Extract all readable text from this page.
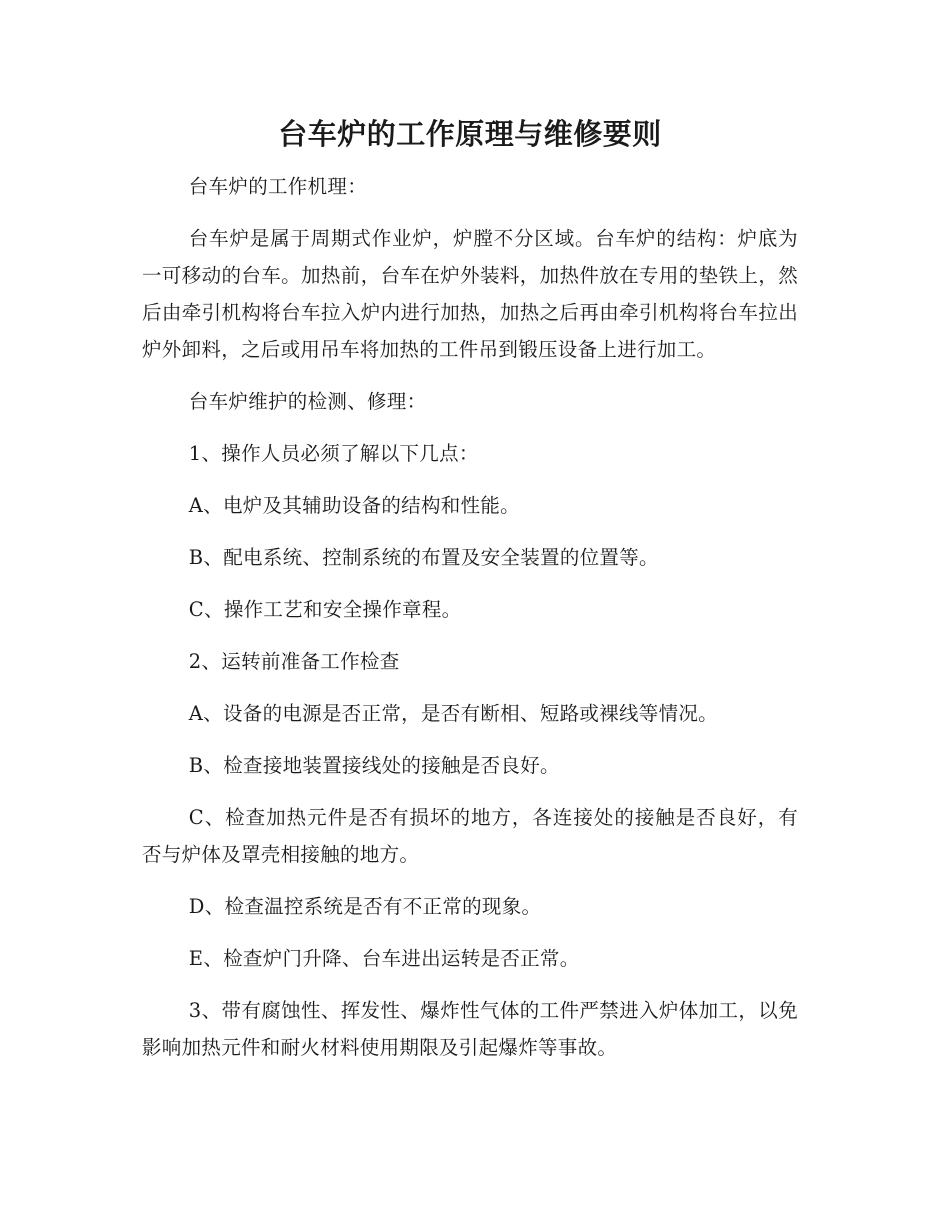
台车炉的工作原理与维修要则

台车炉的工作机理：

台车炉是属于周期式作业炉，炉膛不分区域。台车炉的结构：炉底为一可移动的台车。加热前，台车在炉外装料，加热件放在专用的垫铁上，然后由牵引机构将台车拉入炉内进行加热，加热之后再由牵引机构将台车拉出炉外卸料，之后或用吊车将加热的工件吊到锻压设备上进行加工。

台车炉维护的检测、修理：

1、操作人员必须了解以下几点：

A、电炉及其辅助设备的结构和性能。

B、配电系统、控制系统的布置及安全装置的位置等。

C、操作工艺和安全操作章程。

2、运转前准备工作检查

A、设备的电源是否正常，是否有断相、短路或裸线等情况。

B、检查接地装置接线处的接触是否良好。

C、检查加热元件是否有损坏的地方，各连接处的接触是否良好，有否与炉体及罩壳相接触的地方。

D、检查温控系统是否有不正常的现象。

E、检查炉门升降、台车进出运转是否正常。

3、带有腐蚀性、挥发性、爆炸性气体的工件严禁进入炉体加工，以免影响加热元件和耐火材料使用期限及引起爆炸等事故。
